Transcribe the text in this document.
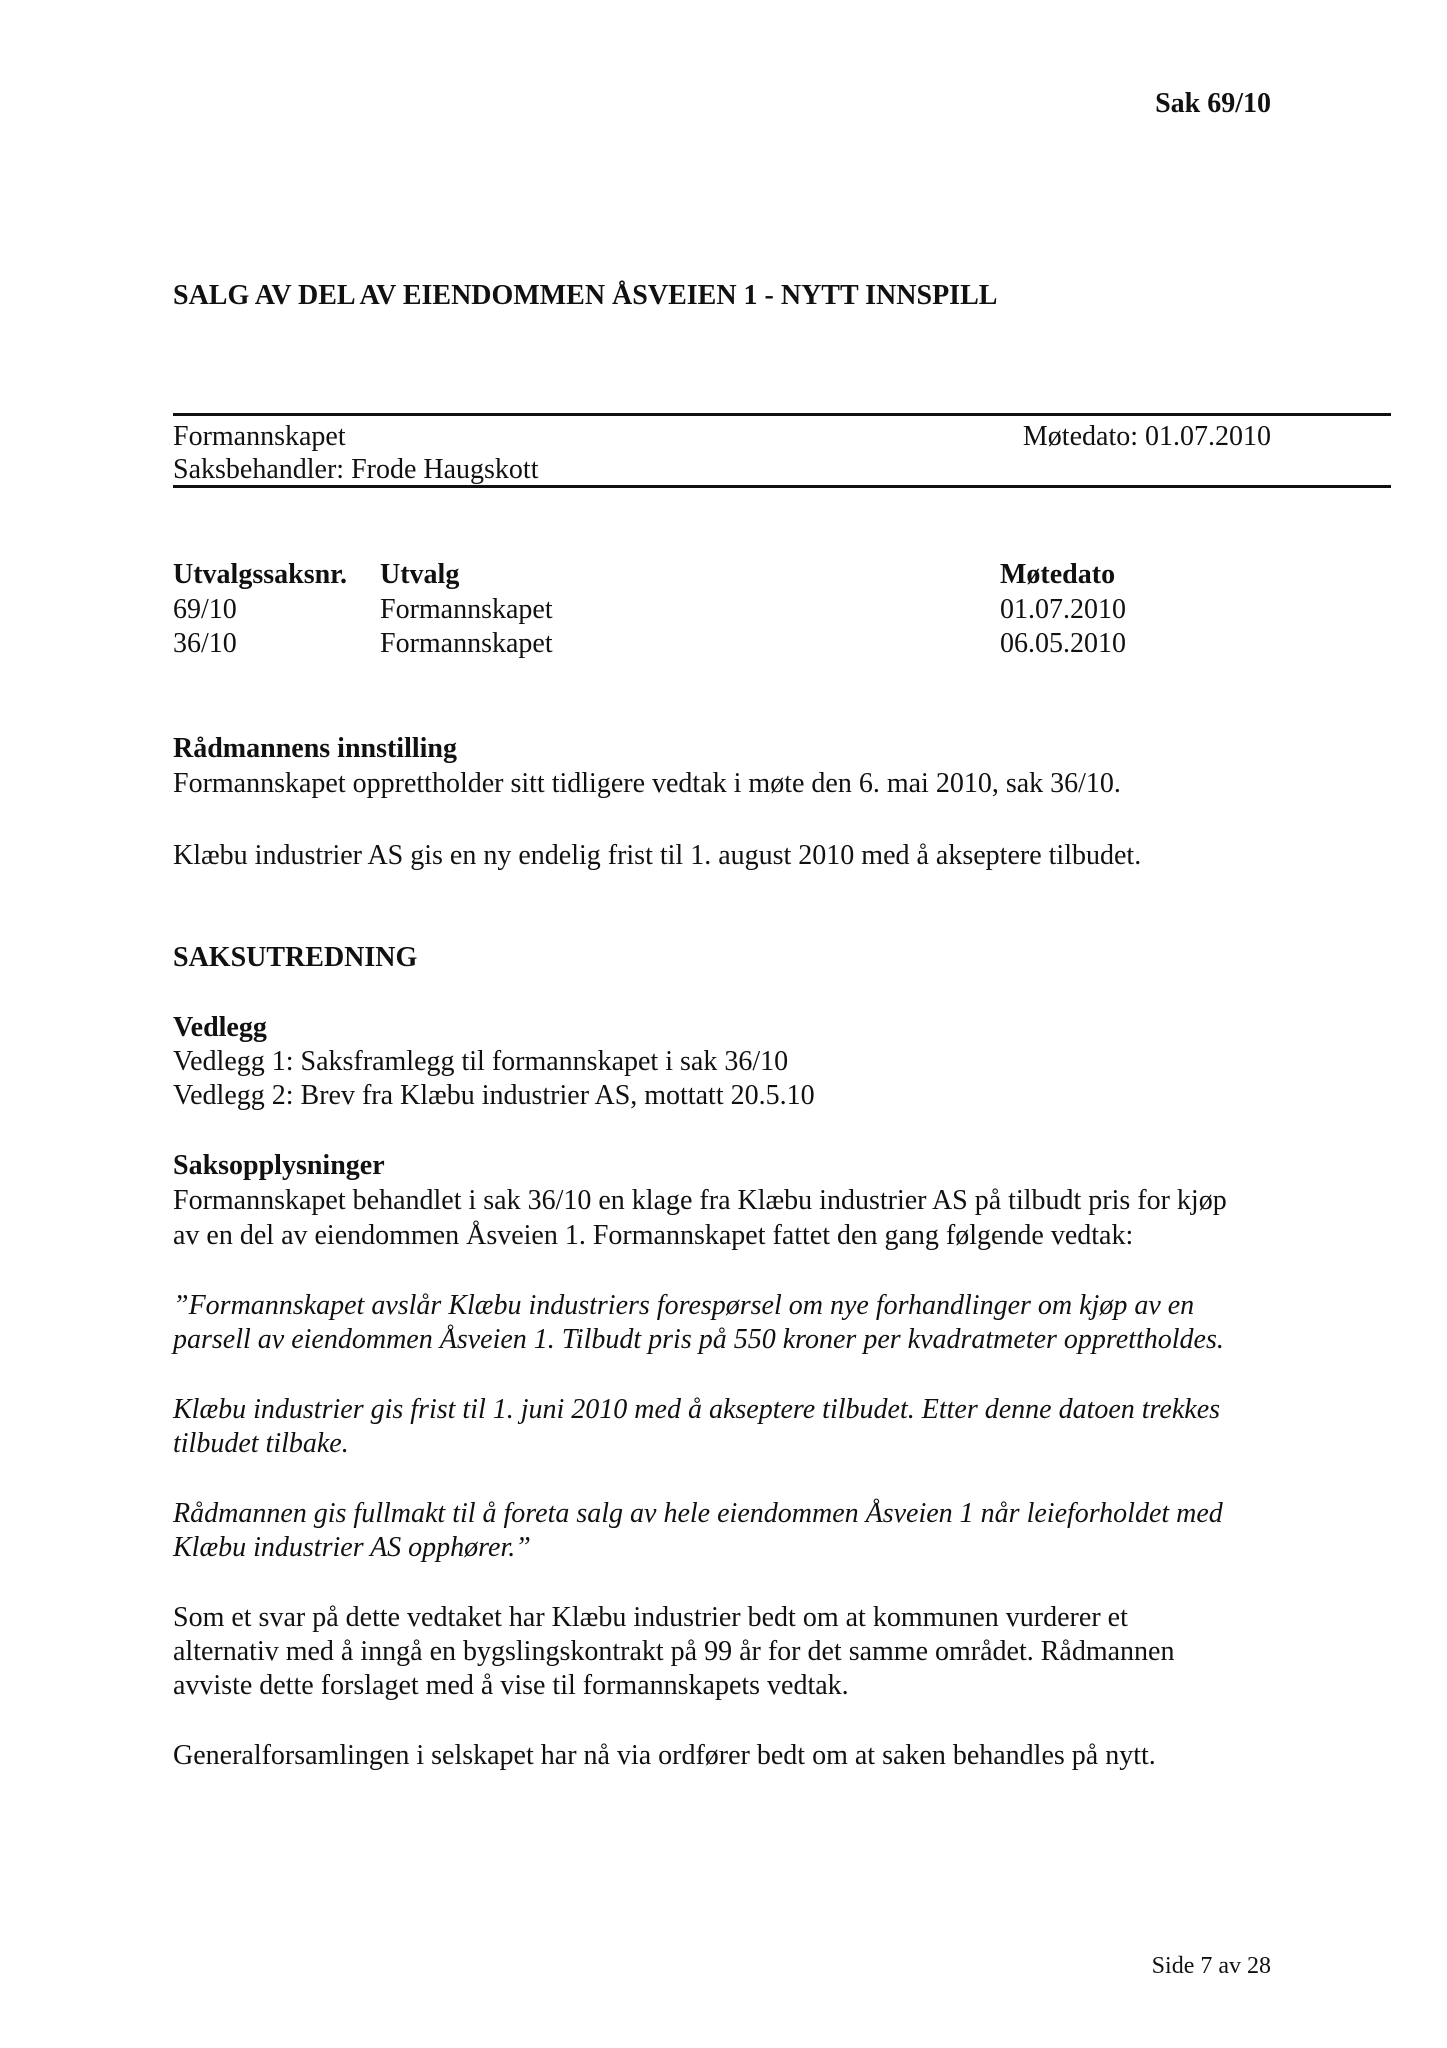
Sak 69/10
SALG AV DEL AV EIENDOMMEN ÅSVEIEN 1 - NYTT INNSPILL
Formannskapet	Møtedato: 01.07.2010
Saksbehandler: Frode Haugskott
Utvalgssaksnr. Utvalg	Møtedato
69/10	Formannskapet	01.07.2010
36/10	Formannskapet	06.05.2010
Rådmannens innstilling
Formannskapet opprettholder sitt tidligere vedtak i møte den 6. mai 2010, sak 36/10.
Klæbu industrier AS gis en ny endelig frist til 1. august 2010 med å akseptere tilbudet.
SAKSUTREDNING
Vedlegg
Vedlegg 1: Saksframlegg til formannskapet i sak 36/10
Vedlegg 2: Brev fra Klæbu industrier AS, mottatt 20.5.10
Saksopplysninger
Formannskapet behandlet i sak 36/10 en klage fra Klæbu industrier AS på tilbudt pris for kjøp
av en del av eiendommen Åsveien 1. Formannskapet fattet den gang følgende vedtak:
”Formannskapet avslår Klæbu industriers forespørsel om nye forhandlinger om kjøp av en
parsell av eiendommen Åsveien 1. Tilbudt pris på 550 kroner per kvadratmeter opprettholdes.
Klæbu industrier gis frist til 1. juni 2010 med å akseptere tilbudet. Etter denne datoen trekkes
tilbudet tilbake.
Rådmannen gis fullmakt til å foreta salg av hele eiendommen Åsveien 1 når leieforholdet med
Klæbu industrier AS opphører.”
Som et svar på dette vedtaket har Klæbu industrier bedt om at kommunen vurderer et
alternativ med å inngå en bygslingskontrakt på 99 år for det samme området. Rådmannen
avviste dette forslaget med å vise til formannskapets vedtak.
Generalforsamlingen i selskapet har nå via ordfører bedt om at saken behandles på nytt.
Side 7 av 28
